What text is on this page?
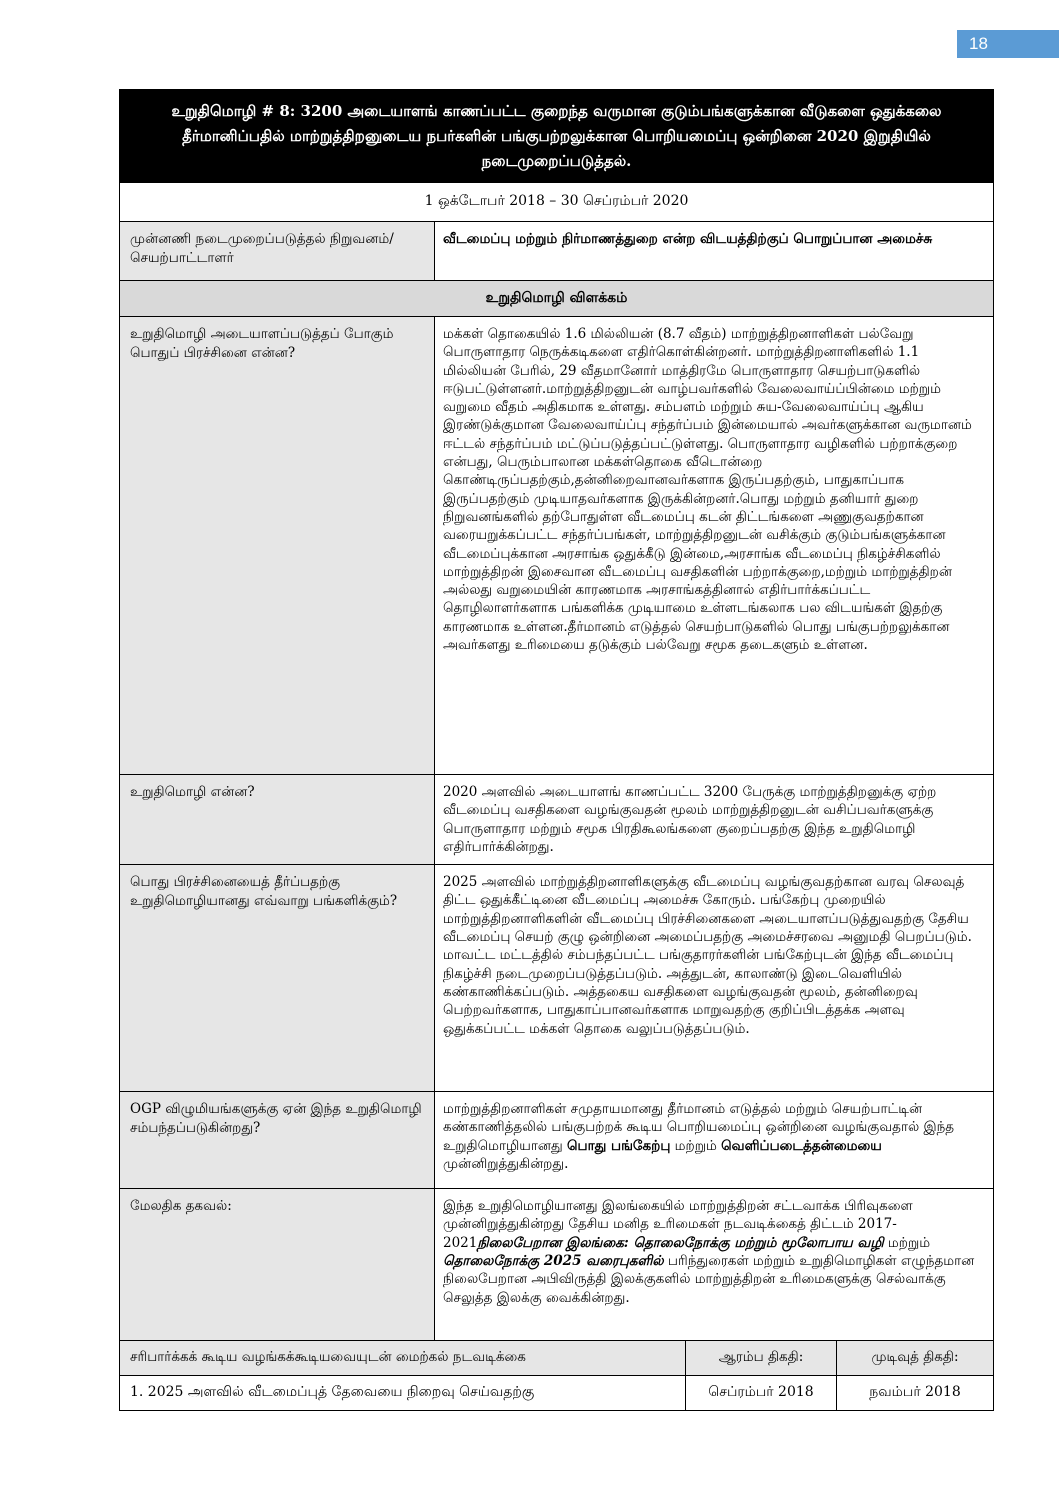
18
உறுதிமொழி # 8: 3200 அடையாளங் காணப்பட்ட குறைந்த வருமான குடும்பங்களுக்கான வீடுகளை ஒதுக்கலை தீர்மானிப்பதில் மாற்றுத்திறனுடைய நபர்களின் பங்குபற்றலுக்கான பொறியமைப்பு ஒன்றினை 2020 இறுதியில் நடைமுறைப்படுத்தல்.			
1 ஒக்டோபர் 2018 – 30 செப்ரம்பர் 2020			
முன்னணி நடைமுறைப்படுத்தல் நிறுவனம்/செயற்பாட்டாளர்	வீடமைப்பு மற்றும் நிர்மாணத்துறை என்ற விடயத்திற்குப் பொறுப்பான அமைச்சு		
உறுதிமொழி விளக்கம்			
உறுதிமொழி அடையாளப்படுத்தப் போகும் பொதுப் பிரச்சினை என்ன?	மக்கள் தொகையில் 1.6 மில்லியன் (8.7 வீதம்) மாற்றுத்திறனாளிகள் பல்வேறு பொருளாதார நெருக்கடிகளை எதிர்கொள்கின்றனர். மாற்றுத்திறனாளிகளில் 1.1 மில்லியன் பேரில், 29 வீதமானோர் மாத்திரமே பொருளாதார செயற்பாடுகளில் ஈடுபட்டுள்ளனர்.மாற்றுத்திறனுடன் வாழ்பவர்களில் வேலைவாய்ப்பின்மை மற்றும் வறுமை வீதம் அதிகமாக உள்ளது. சம்பளம் மற்றும் சுய-வேலைவாய்ப்பு ஆகிய இரண்டுக்குமான வேலைவாய்ப்பு சந்தர்ப்பம் இன்மையால் அவர்களுக்கான வருமானம் ஈட்டல் சந்தர்ப்பம் மட்டுப்படுத்தப்பட்டுள்ளது. பொருளாதார வழிகளில் பற்றாக்குறை என்பது, பெரும்பாலான மக்கள்தொகை வீடொன்றை கொண்டிருப்பதற்கும்,தன்னிறைவானவர்களாக இருப்பதற்கும், பாதுகாப்பாக இருப்பதற்கும் முடியாதவர்களாக இருக்கின்றனர்.பொது மற்றும் தனியார் துறை நிறுவனங்களில் தற்போதுள்ள வீடமைப்பு கடன் திட்டங்களை அணுகுவதற்கான வரையறுக்கப்பட்ட சந்தர்ப்பங்கள், மாற்றுத்திறனுடன் வசிக்கும் குடும்பங்களுக்கான வீடமைப்புக்கான அரசாங்க ஒதுக்கீடு இன்மை,அரசாங்க வீடமைப்பு நிகழ்ச்சிகளில் மாற்றுத்திறன் இசைவான வீடமைப்பு வசதிகளின் பற்றாக்குறை,மற்றும் மாற்றுத்திறன் அல்லது வறுமையின் காரணமாக அரசாங்கத்தினால் எதிர்பார்க்கப்பட்ட தொழிலாளர்களாக பங்களிக்க முடியாமை உள்ளடங்கலாக பல விடயங்கள் இதற்கு காரணமாக உள்ளன.தீர்மானம் எடுத்தல் செயற்பாடுகளில் பொது பங்குபற்றலுக்கான அவர்களது உரிமையை தடுக்கும் பல்வேறு சமூக தடைகளும் உள்ளன.		
உறுதிமொழி என்ன?	2020 அளவில் அடையாளங் காணப்பட்ட 3200 பேருக்கு மாற்றுத்திறனுக்கு ஏற்ற வீடமைப்பு வசதிகளை வழங்குவதன் மூலம் மாற்றுத்திறனுடன் வசிப்பவர்களுக்கு பொருளாதார மற்றும் சமூக பிரதிகூலங்களை குறைப்பதற்கு இந்த உறுதிமொழி எதிர்பார்க்கின்றது.		
பொது பிரச்சினையைத் தீர்ப்பதற்கு உறுதிமொழியானது எவ்வாறு பங்களிக்கும்?	2025 அளவில் மாற்றுத்திறனாளிகளுக்கு வீடமைப்பு வழங்குவதற்கான வரவு செலவுத் திட்ட ஒதுக்கீட்டினை வீடமைப்பு அமைச்சு கோரும். பங்கேற்பு முறையில் மாற்றுத்திறனாளிகளின் வீடமைப்பு பிரச்சினைகளை அடையாளப்படுத்துவதற்கு தேசிய வீடமைப்பு செயற் குழு ஒன்றினை அமைப்பதற்கு அமைச்சரவை அனுமதி பெறப்படும். மாவட்ட மட்டத்தில் சம்பந்தப்பட்ட பங்குதாரர்களின் பங்கேற்புடன் இந்த வீடமைப்பு நிகழ்ச்சி நடைமுறைப்படுத்தப்படும். அத்துடன், காலாண்டு இடைவெளியில் கண்காணிக்கப்படும். அத்தகைய வசதிகளை வழங்குவதன் மூலம், தன்னிறைவு பெற்றவர்களாக, பாதுகாப்பானவர்களாக மாறுவதற்கு குறிப்பிடத்தக்க அளவு ஒதுக்கப்பட்ட மக்கள் தொகை வலுப்படுத்தப்படும்.		
OGP விழுமியங்களுக்கு ஏன் இந்த உறுதிமொழி சம்பந்தப்படுகின்றது?	மாற்றுத்திறனாளிகள் சமுதாயமானது தீர்மானம் எடுத்தல் மற்றும் செயற்பாட்டின் கண்காணித்தலில் பங்குபற்றக் கூடிய பொறியமைப்பு ஒன்றினை வழங்குவதால் இந்த உறுதிமொழியானது பொது பங்கேற்பு மற்றும் வெளிப்படைத்தன்மையை முன்னிறுத்துகின்றது.		
மேலதிக தகவல்:	இந்த உறுதிமொழியானது இலங்கையில் மாற்றுத்திறன் சட்டவாக்க பிரிவுகளை முன்னிறுத்துகின்றது தேசிய மனித உரிமைகள் நடவடிக்கைத் திட்டம் 2017-2021நிலைபேறான இலங்கை: தொலைநோக்கு மற்றும் மூலோபாய வழி மற்றும் தொலைநோக்கு 2025 வரைபுகளில் பரிந்துரைகள் மற்றும் உறுதிமொழிகள் எழுந்தமான நிலைபேறான அபிவிருத்தி இலக்குகளில் மாற்றுத்திறன் உரிமைகளுக்கு செல்வாக்கு செலுத்த இலக்கு வைக்கின்றது.		
சரிபார்க்கக் கூடிய வழங்கக்கூடியவையுடன் மைற்கல் நடவடிக்கை		ஆரம்ப திகதி:	முடிவுத் திகதி:
1. 2025 அளவில் வீடமைப்புத் தேவையை நிறைவு செய்வதற்கு		செப்ரம்பர் 2018	நவம்பர் 2018
